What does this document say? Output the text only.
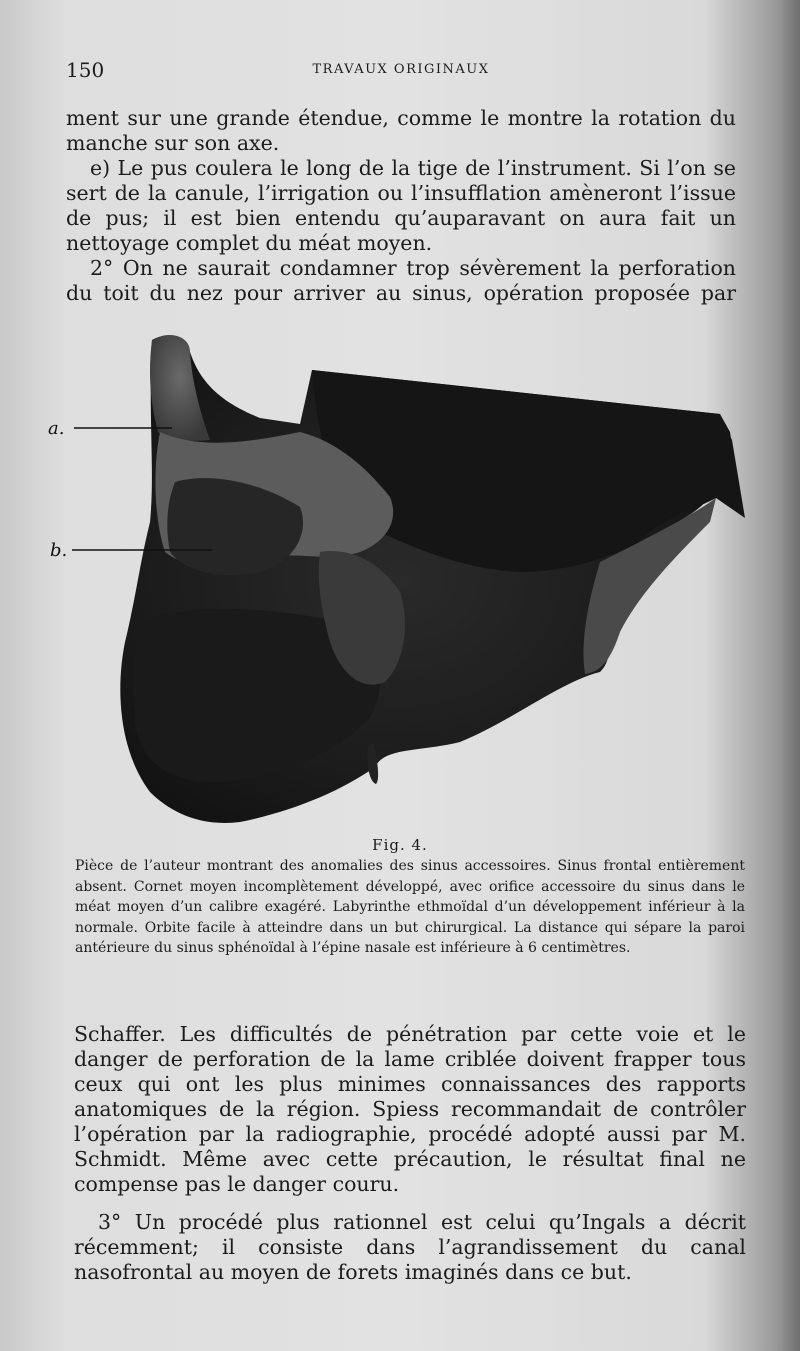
150	TRAVAUX ORIGINAUX

ment sur une grande étendue, comme le montre la rotation du manche sur son axe.

e) Le pus coulera le long de la tige de l’instrument. Si l’on se sert de la canule, l’irrigation ou l’insufflation amèneront l’issue de pus; il est bien entendu qu’auparavant on aura fait un nettoyage complet du méat moyen.

2° On ne saurait condamner trop sévèrement la perforation du toit du nez pour arriver au sinus, opération proposée par

a.
b.
Fig. 4.

Pièce de l’auteur montrant des anomalies des sinus accessoires. Sinus frontal entièrement absent. Cornet moyen incomplètement développé, avec orifice accessoire du sinus dans le méat moyen d’un calibre exagéré. Labyrinthe ethmoïdal d’un développement inférieur à la normale. Orbite facile à atteindre dans un but chirurgical. La distance qui sépare la paroi antérieure du sinus sphénoïdal à l’épine nasale est inférieure à 6 centimètres.

Schaffer. Les difficultés de pénétration par cette voie et le danger de perforation de la lame criblée doivent frapper tous ceux qui ont les plus minimes connaissances des rapports anatomiques de la région. Spiess recommandait de contrôler l’opération par la radiographie, procédé adopté aussi par M. Schmidt. Même avec cette précaution, le résultat final ne compense pas le danger couru.

3° Un procédé plus rationnel est celui qu’Ingals a décrit récemment; il consiste dans l’agrandissement du canal nasofrontal au moyen de forets imaginés dans ce but.
